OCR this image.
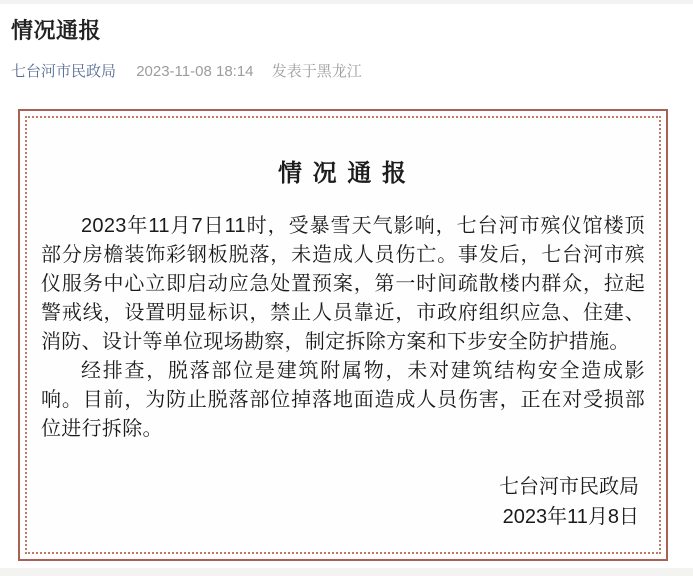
情况通报
七台河市民政局 2023-11-08 18:14 发表于黑龙江
情 况 通 报

2023年11月7日11时，受暴雪天气影响，七台河市殡仪馆楼顶部分房檐装饰彩钢板脱落，未造成人员伤亡。事发后，七台河市殡仪服务中心立即启动应急处置预案，第一时间疏散楼内群众，拉起警戒线，设置明显标识，禁止人员靠近，市政府组织应急、住建、消防、设计等单位现场勘察，制定拆除方案和下步安全防护措施。

经排查，脱落部位是建筑附属物，未对建筑结构安全造成影响。目前，为防止脱落部位掉落地面造成人员伤害，正在对受损部位进行拆除。

七台河市民政局
2023年11月8日
